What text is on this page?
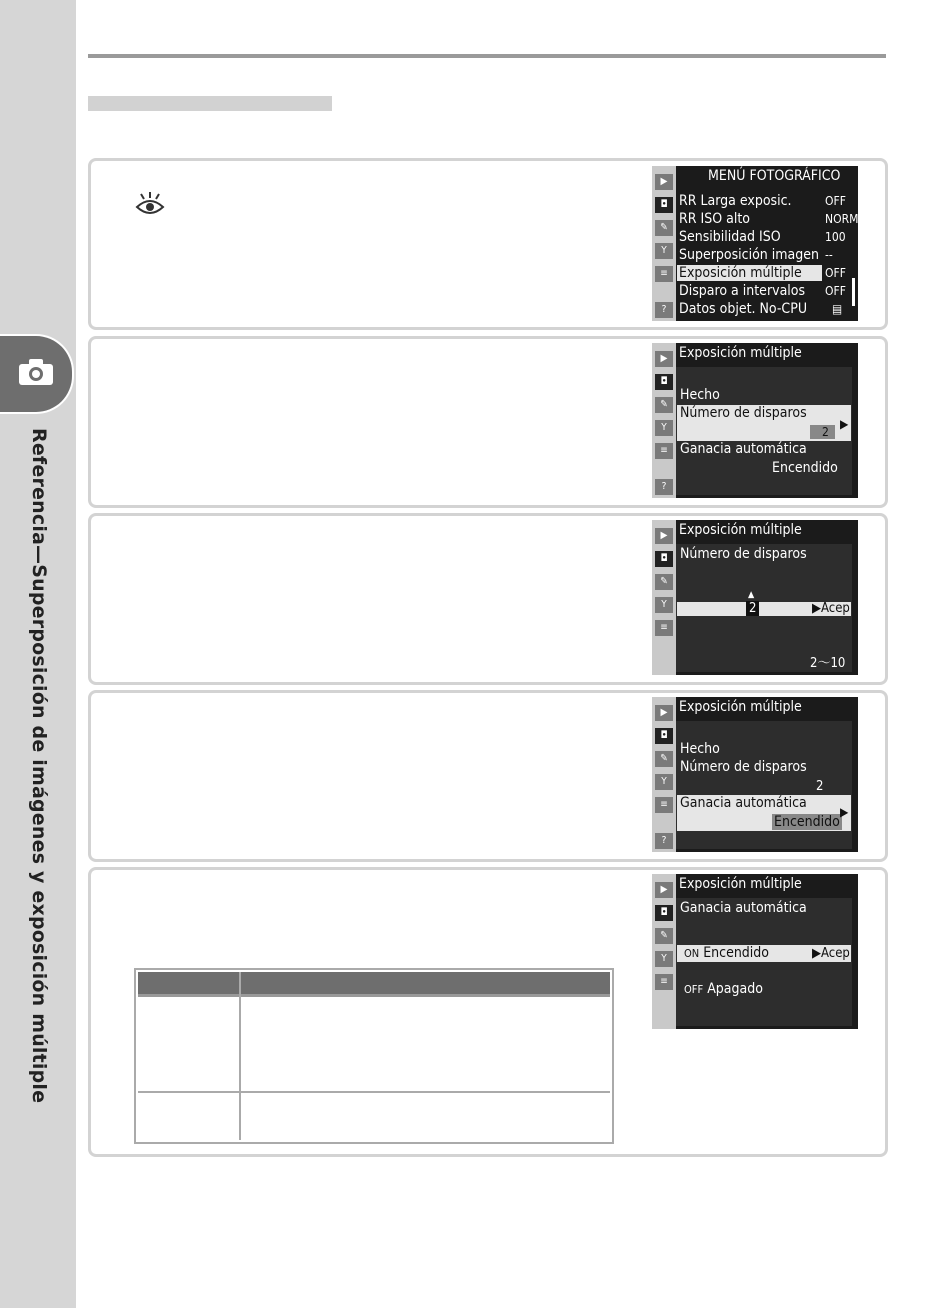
Referencia—Superposición de imágenes y exposición múltiple
▶
◘
✎
Y
≡
?
MENÚ FOTOGRÁFICO
RR Larga exposic.	OFF
RR ISO alto	NORM
Sensibilidad ISO	100
Superposición imagen --
Exposición múltiple OFF
Disparo a intervalos OFF
Datos objet. No-CPU ▤
▶
◘
✎
Y
≡
?
Exposición múltiple
Hecho
Número de disparos
2
▶
Ganacia automática
Encendido
▶
◘
✎
Y
≡
Exposición múltiple
Número de disparos
▲
2	▶Acep
2～10
▶
◘
✎
Y
≡
?
Exposición múltiple
Hecho
Número de disparos
2
Ganacia automática
Encendido
▶
▶
◘
✎
Y
≡
Exposición múltiple
Ganacia automática
ON Encendido	▶Acep
OFF Apagado
